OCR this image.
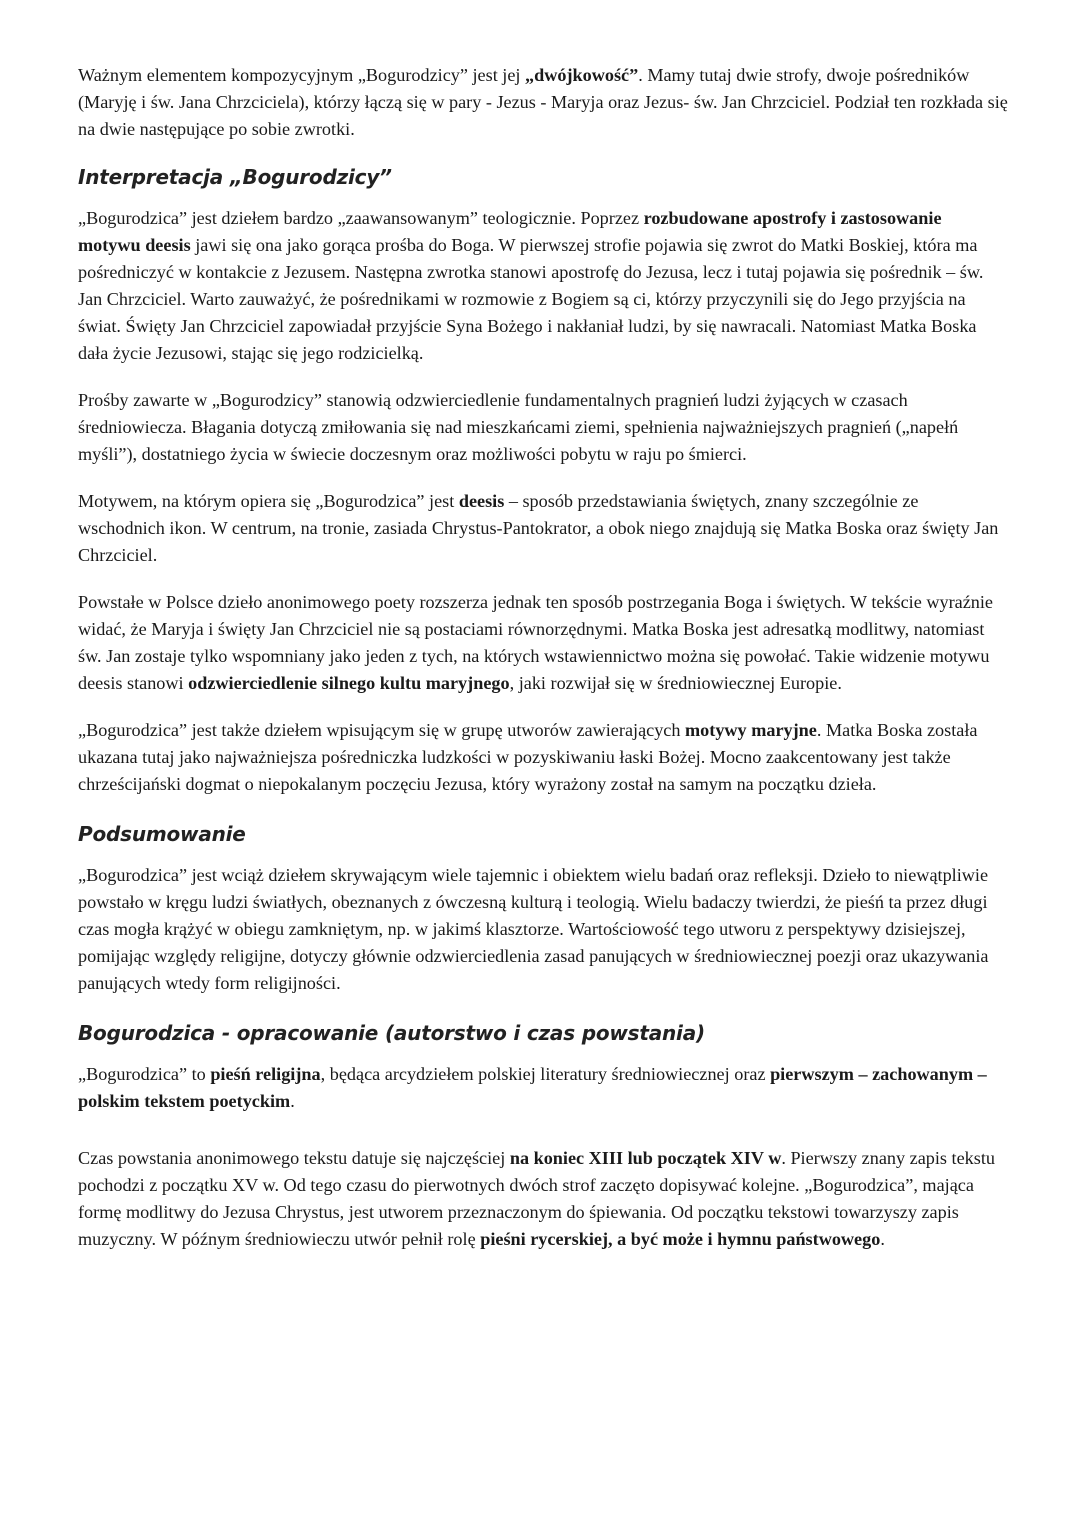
Ważnym elementem kompozycyjnym „Bogurodzicy” jest jej „dwójkowość”. Mamy tutaj dwie strofy, dwoje pośredników (Maryję i św. Jana Chrzciciela), którzy łączą się w pary - Jezus - Maryja oraz Jezus- św. Jan Chrzciciel. Podział ten rozkłada się na dwie następujące po sobie zwrotki.

Interpretacja „Bogurodzicy”

„Bogurodzica” jest dziełem bardzo „zaawansowanym” teologicznie. Poprzez rozbudowane apostrofy i zastosowanie motywu deesis jawi się ona jako gorąca prośba do Boga. W pierwszej strofie pojawia się zwrot do Matki Boskiej, która ma pośredniczyć w kontakcie z Jezusem. Następna zwrotka stanowi apostrofę do Jezusa, lecz i tutaj pojawia się pośrednik – św. Jan Chrzciciel. Warto zauważyć, że pośrednikami w rozmowie z Bogiem są ci, którzy przyczynili się do Jego przyjścia na świat. Święty Jan Chrzciciel zapowiadał przyjście Syna Bożego i nakłaniał ludzi, by się nawracali. Natomiast Matka Boska dała życie Jezusowi, stając się jego rodzicielką.

Prośby zawarte w „Bogurodzicy” stanowią odzwierciedlenie fundamentalnych pragnień ludzi żyjących w czasach średniowiecza. Błagania dotyczą zmiłowania się nad mieszkańcami ziemi, spełnienia najważniejszych pragnień („napełń myśli”), dostatniego życia w świecie doczesnym oraz możliwości pobytu w raju po śmierci.

Motywem, na którym opiera się „Bogurodzica” jest deesis – sposób przedstawiania świętych, znany szczególnie ze wschodnich ikon. W centrum, na tronie, zasiada Chrystus-Pantokrator, a obok niego znajdują się Matka Boska oraz święty Jan Chrzciciel.

Powstałe w Polsce dzieło anonimowego poety rozszerza jednak ten sposób postrzegania Boga i świętych. W tekście wyraźnie widać, że Maryja i święty Jan Chrzciciel nie są postaciami równorzędnymi. Matka Boska jest adresatką modlitwy, natomiast św. Jan zostaje tylko wspomniany jako jeden z tych, na których wstawiennictwo można się powołać. Takie widzenie motywu deesis stanowi odzwierciedlenie silnego kultu maryjnego, jaki rozwijał się w średniowiecznej Europie.

„Bogurodzica” jest także dziełem wpisującym się w grupę utworów zawierających motywy maryjne. Matka Boska została ukazana tutaj jako najważniejsza pośredniczka ludzkości w pozyskiwaniu łaski Bożej. Mocno zaakcentowany jest także chrześcijański dogmat o niepokalanym poczęciu Jezusa, który wyrażony został na samym na początku dzieła.

Podsumowanie

„Bogurodzica” jest wciąż dziełem skrywającym wiele tajemnic i obiektem wielu badań oraz refleksji. Dzieło to niewątpliwie powstało w kręgu ludzi światłych, obeznanych z ówczesną kulturą i teologią. Wielu badaczy twierdzi, że pieśń ta przez długi czas mogła krążyć w obiegu zamkniętym, np. w jakimś klasztorze. Wartościowość tego utworu z perspektywy dzisiejszej, pomijając względy religijne, dotyczy głównie odzwierciedlenia zasad panujących w średniowiecznej poezji oraz ukazywania panujących wtedy form religijności.

Bogurodzica - opracowanie (autorstwo i czas powstania)

„Bogurodzica” to pieśń religijna, będąca arcydziełem polskiej literatury średniowiecznej oraz pierwszym – zachowanym – polskim tekstem poetyckim.

Czas powstania anonimowego tekstu datuje się najczęściej na koniec XIII lub początek XIV w. Pierwszy znany zapis tekstu pochodzi z początku XV w. Od tego czasu do pierwotnych dwóch strof zaczęto dopisywać kolejne. „Bogurodzica”, mająca formę modlitwy do Jezusa Chrystus, jest utworem przeznaczonym do śpiewania. Od początku tekstowi towarzyszy zapis muzyczny. W późnym średniowieczu utwór pełnił rolę pieśni rycerskiej, a być może i hymnu państwowego.
